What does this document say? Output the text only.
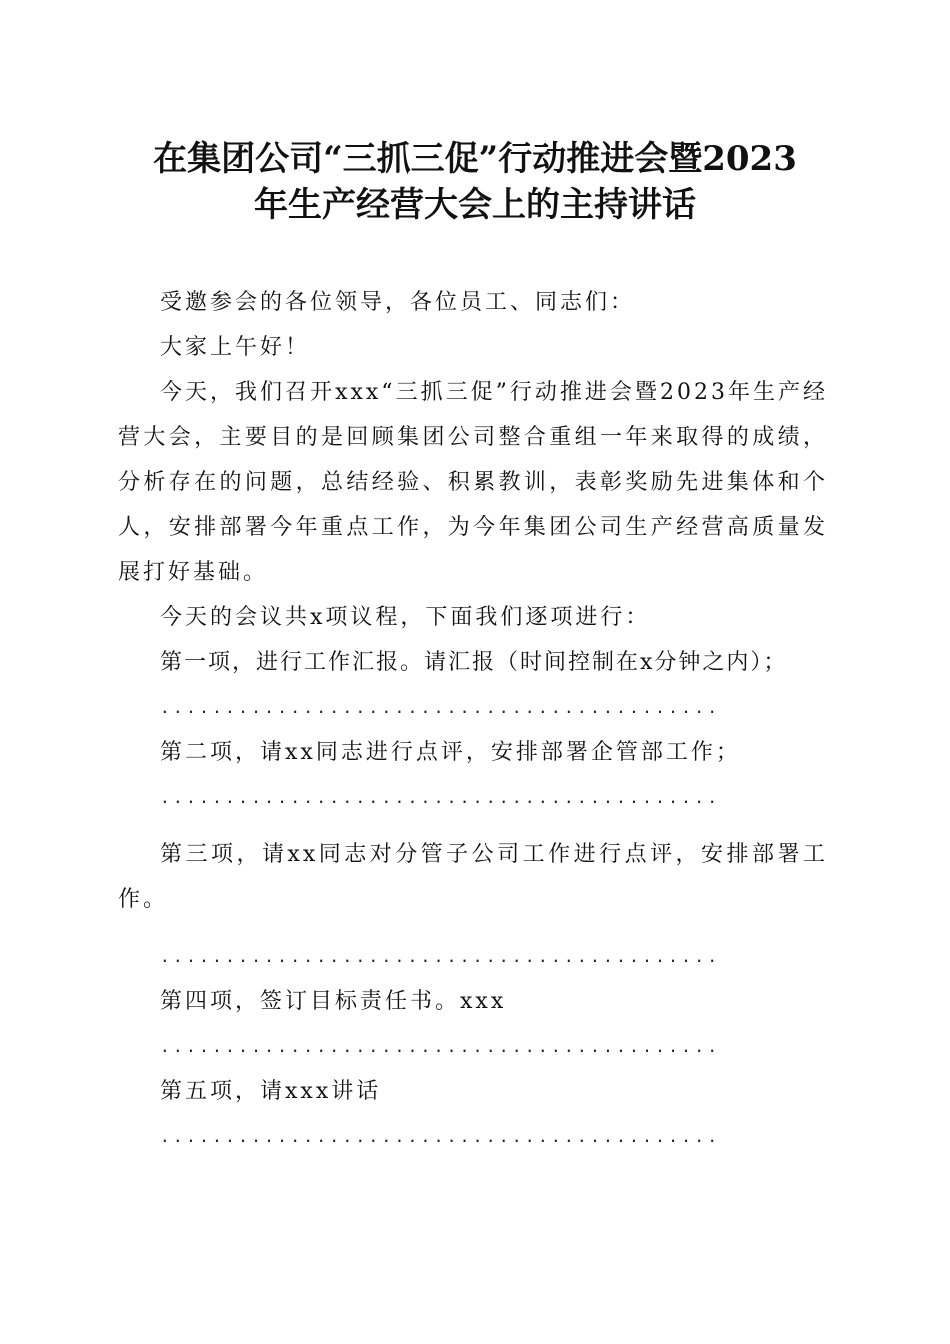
在集团公司“三抓三促”行动推进会暨2023
年生产经营大会上的主持讲话

受邀参会的各位领导，各位员工、同志们：

大家上午好！

今天，我们召开xxx“三抓三促”行动推进会暨2023年生产经营大会，主要目的是回顾集团公司整合重组一年来取得的成绩，分析存在的问题，总结经验、积累教训，表彰奖励先进集体和个人，安排部署今年重点工作，为今年集团公司生产经营高质量发展打好基础。

今天的会议共x项议程，下面我们逐项进行：

第一项，进行工作汇报。请汇报（时间控制在x分钟之内）；

...........................................

第二项，请xx同志进行点评，安排部署企管部工作；

...........................................

第三项，请xx同志对分管子公司工作进行点评，安排部署工作。

...........................................

第四项，签订目标责任书。xxx

...........................................

第五项，请xxx讲话

...........................................
